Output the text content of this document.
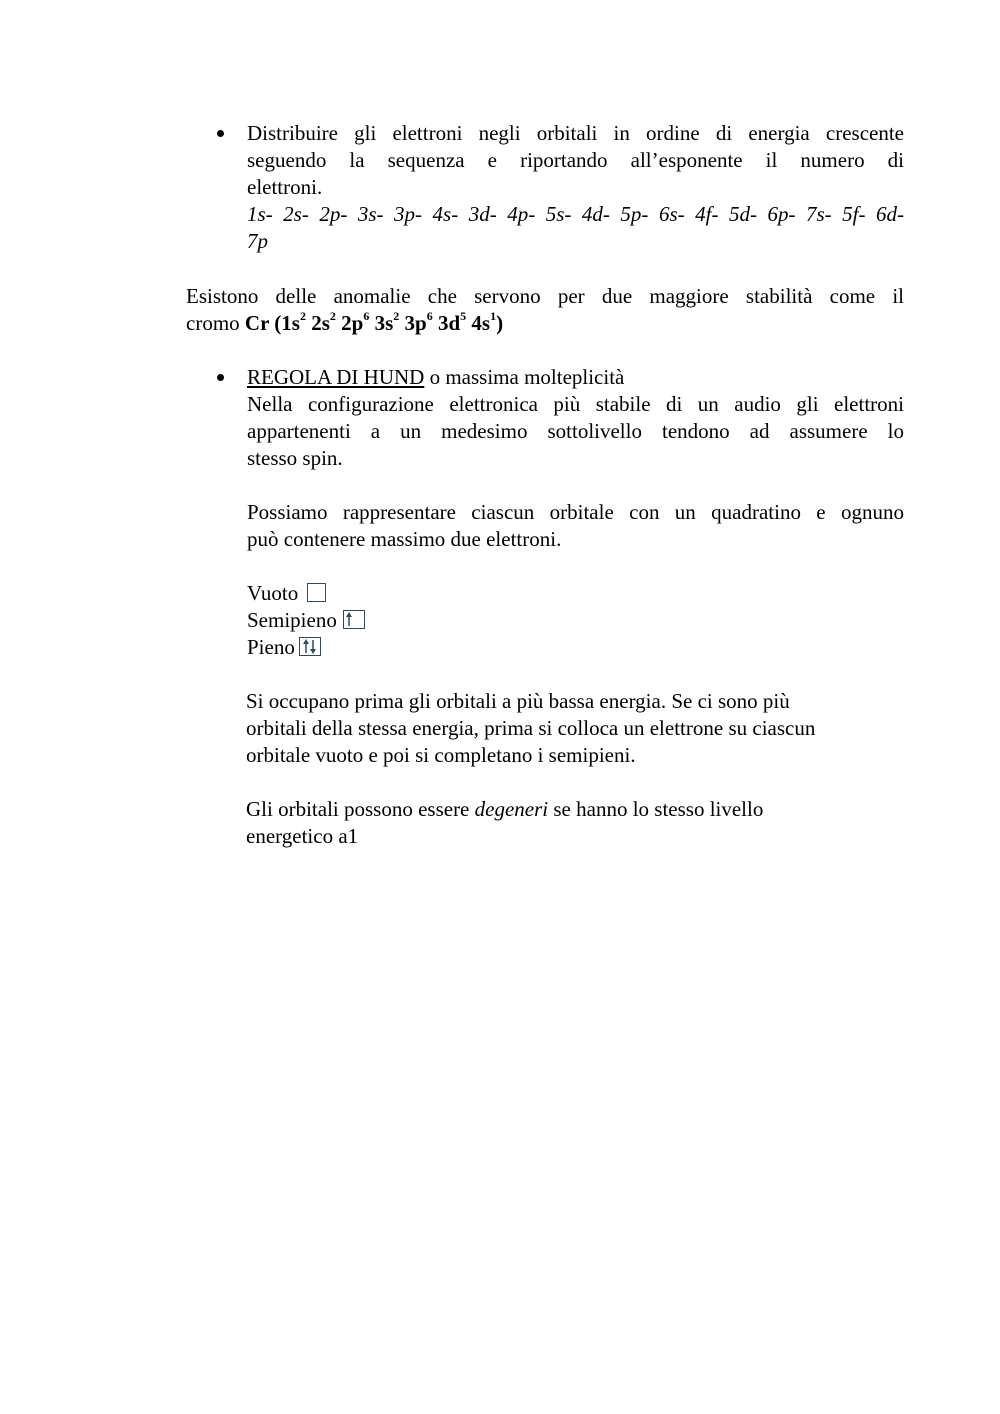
Distribuire gli elettroni negli orbitali in ordine di energia crescente
seguendo la sequenza e riportando all’esponente il numero di
elettroni.
1s- 2s- 2p- 3s- 3p- 4s- 3d- 4p- 5s- 4d- 5p- 6s- 4f- 5d- 6p- 7s- 5f- 6d-
7p
Esistono delle anomalie che servono per due maggiore stabilità come il
cromo Cr ($1s^2$ $2s^2$ $2p^6$ $3s^2$ $3p^6$ $3d^5$ $4s^1$)
REGOLA DI HUND o massima molteplicità
Nella configurazione elettronica più stabile di un audio gli elettroni
appartenenti a un medesimo sottolivello tendono ad assumere lo
stesso spin.
Possiamo rappresentare ciascun orbitale con un quadratino e ognuno
può contenere massimo due elettroni.
Vuoto
Semipieno
Pieno
Si occupano prima gli orbitali a più bassa energia. Se ci sono più
orbitali della stessa energia, prima si colloca un elettrone su ciascun
orbitale vuoto e poi si completano i semipieni.
Gli orbitali possono essere degeneri se hanno lo stesso livello
energetico a1
